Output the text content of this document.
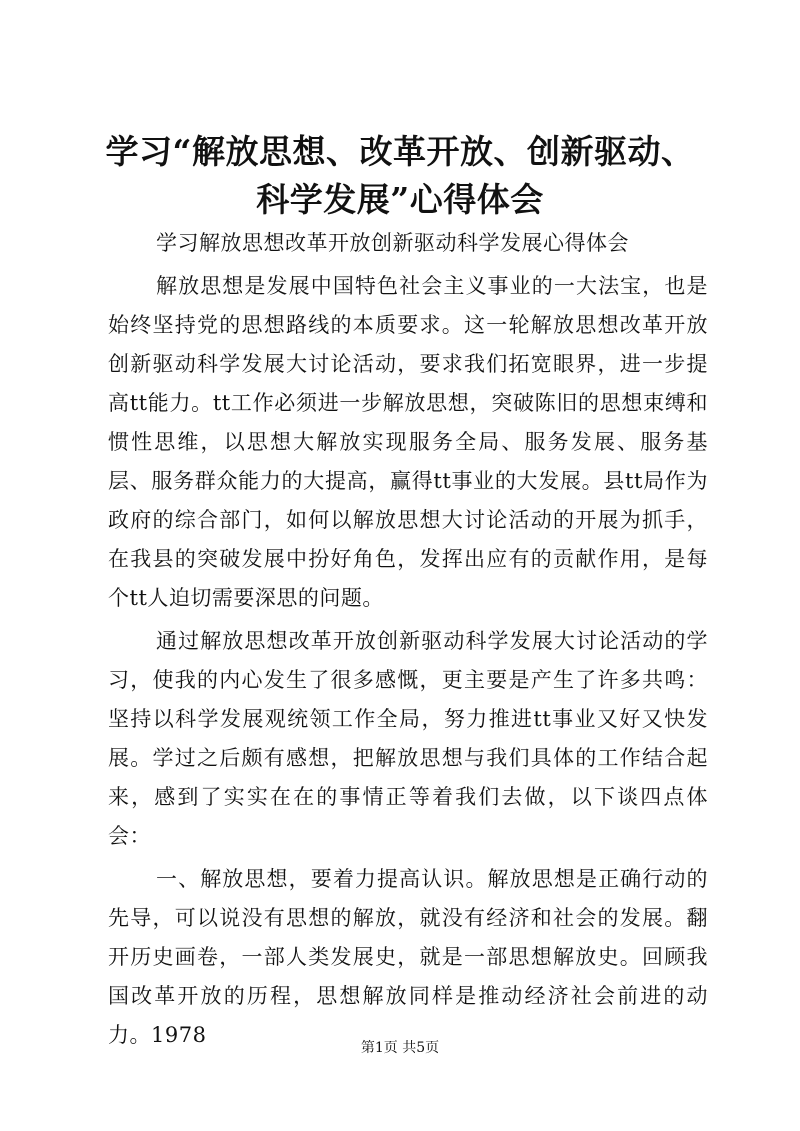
学习“解放思想、改革开放、创新驱动、科学发展”心得体会

学习解放思想改革开放创新驱动科学发展心得体会

解放思想是发展中国特色社会主义事业的一大法宝，也是始终坚持党的思想路线的本质要求。这一轮解放思想改革开放创新驱动科学发展大讨论活动，要求我们拓宽眼界，进一步提高tt能力。tt工作必须进一步解放思想，突破陈旧的思想束缚和惯性思维，以思想大解放实现服务全局、服务发展、服务基层、服务群众能力的大提高，赢得tt事业的大发展。县tt局作为政府的综合部门，如何以解放思想大讨论活动的开展为抓手，在我县的突破发展中扮好角色，发挥出应有的贡献作用，是每个tt人迫切需要深思的问题。

通过解放思想改革开放创新驱动科学发展大讨论活动的学习，使我的内心发生了很多感慨，更主要是产生了许多共鸣：坚持以科学发展观统领工作全局，努力推进tt事业又好又快发展。学过之后颇有感想，把解放思想与我们具体的工作结合起来，感到了实实在在的事情正等着我们去做，以下谈四点体会：

一、解放思想，要着力提高认识。解放思想是正确行动的先导，可以说没有思想的解放，就没有经济和社会的发展。翻开历史画卷，一部人类发展史，就是一部思想解放史。回顾我国改革开放的历程，思想解放同样是推动经济社会前进的动力。1978

第1页 共5页
